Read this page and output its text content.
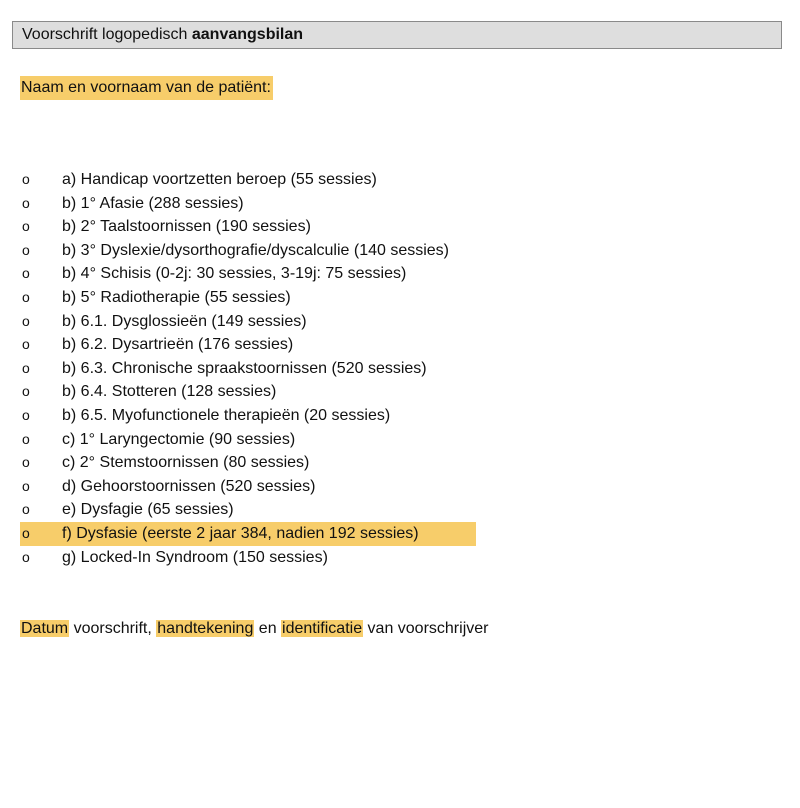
Voorschrift logopedisch aanvangsbilan
Naam en voornaam van de patiënt:
o a) Handicap voortzetten beroep (55 sessies)
o b) 1° Afasie (288 sessies)
o b) 2° Taalstoornissen (190 sessies)
o b) 3° Dyslexie/dysorthografie/dyscalculie (140 sessies)
o b) 4° Schisis (0-2j: 30 sessies, 3-19j: 75 sessies)
o b) 5° Radiotherapie (55 sessies)
o b) 6.1. Dysglossieën (149 sessies)
o b) 6.2. Dysartrieën (176 sessies)
o b) 6.3. Chronische spraakstoornissen (520 sessies)
o b) 6.4. Stotteren (128 sessies)
o b) 6.5. Myofunctionele therapieën (20 sessies)
o c) 1° Laryngectomie (90 sessies)
o c) 2° Stemstoornissen (80 sessies)
o d) Gehoorstoornissen (520 sessies)
o e) Dysfagie (65 sessies)
o f) Dysfasie (eerste 2 jaar 384, nadien 192 sessies)
o g) Locked-In Syndroom (150 sessies)
Datum voorschrift, handtekening en identificatie van voorschrijver
